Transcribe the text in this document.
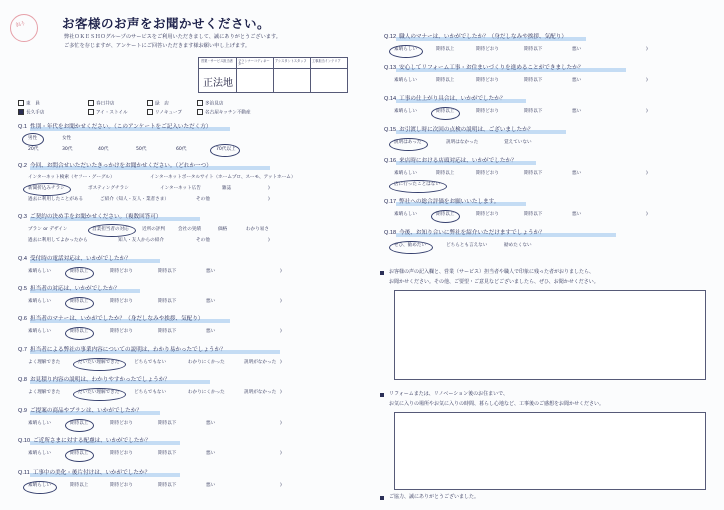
ﾎﾚﾄ	お客様のお声をお聞かせください。
弊社ＯＫＥＳＨＯグループのサービスをご利用いただきまして、誠にありがとうございます。
ご多忙を存じますが、アンケートにご回答いただきます様お願い申し上げます。
営業・サービス担当者	プランナーコディネーター
アシスタントスタッフ	工事担当インテリア
正法地
東　員	春日井店	緑　店	多治見店
長久手店	アイ・ストイル	リノキューブ	名古屋キッチン不動産
Q.1 性別・年代をお聞かせください。（このアンケートをご記入いただく方）
男性	女性
20代	30代	40代	50代	60代	70代以上
Q.2 今回、お問合せいただいたきっかけをお聞かせください。（どれか一つ）
インターネット検索（ヤフー・グーグル）	インターネットポータルサイト（ホームプロ、スーモ、アットホーム）
新聞折込みチラシ	ポスティングチラシ	インターネット広告	雑誌	)
過去に利用したことがある	ご紹介（知人・友人・業者さま）	その他	)
Q.3 ご契約の決め手をお聞かせください。（複数回答可）
プラン or デザイン	営業担当者の対応	近所の評判	会社の実績	価格	わかり易さ
過去に利用してよかったから	知人・友人からの紹介	その他	)
Q.4 受付時の電話対応は、いかがでしたか？
素晴らしい	期待以上	期待どおり	期待以下	悪い	)
Q.5 担当者の対応は、いかがでしたか？
素晴らしい	期待以上	期待どおり	期待以下	悪い	)
Q.6 担当者のマナーは、いかがでしたか？（身だしなみや挨拶、気配り）
素晴らしい	期待以上	期待どおり	期待以下	悪い	)
Q.7 担当者による弊社の事業内容についての説明は、わかり易かったでしょうか？
よく理解できた	だいたい理解できた	どちらでもない	わかりにくかった	説明がなかった )
Q.8 お見積り内容の説明は、わかりやすかったでしょうか？
よく理解できた	だいたい理解できた	どちらでもない	わかりにくかった	説明がなかった )
Q.9 ご提案の商品やプランは、いかがでしたか？
素晴らしい	期待以上	期待どおり	期待以下	悪い	)
Q.10 ご近所さまに対する配慮は、いかがでしたか？
素晴らしい	期待以上	期待どおり	期待以下	悪い	)
Q.11 工事中の美化・後片付けは、いかがでしたか？
素晴らしい	期待以上	期待どおり	期待以下	悪い	)
Q.12 職人のマナーは、いかがでしたか？（身だしなみや挨拶、気配り）
素晴らしい	期待以上	期待どおり	期待以下	悪い	)
Q.13 安心してリフォーム工事・お住まいづくりを進めることができましたか？
素晴らしい	期待以上	期待どおり	期待以下	悪い	)
Q.14 工事の仕上がり具合は、いかがでしたか？
素晴らしい	期待以上	期待どおり	期待以下	悪い	)
Q.15 お引渡し時に次回の点検の説明は、ございましたか？
説明はあった	説明はなかった	覚えていない
Q.16 来店時における店頭対応は、いかがでしたか？
素晴らしい	期待以上	期待どおり	期待以下	悪い
店に行ったことはない
)
Q.17 弊社への総合評価をお願いいたします。
素晴らしい	期待以上	期待どおり	期待以下	悪い	)
Q.18 今後、お知り合いに弊社を紹介いただけますでしょうか？
ぜひ、勧めたい	どちらとも言えない	勧めたくない
お客様の声の記入欄と、営業（サービス）担当者や職人で印象に残った者がおりましたら、
お聞かせください。その他、ご要望・ご意見などございましたら、ぜひ、お聞かせください。
リフォームまたは、リノベーション後のお住まいで、
お気に入りの場所やお気に入りの時間、暮らし心地など、工事後のご感想をお聞かせください。
ご協力、誠にありがとうございました。
